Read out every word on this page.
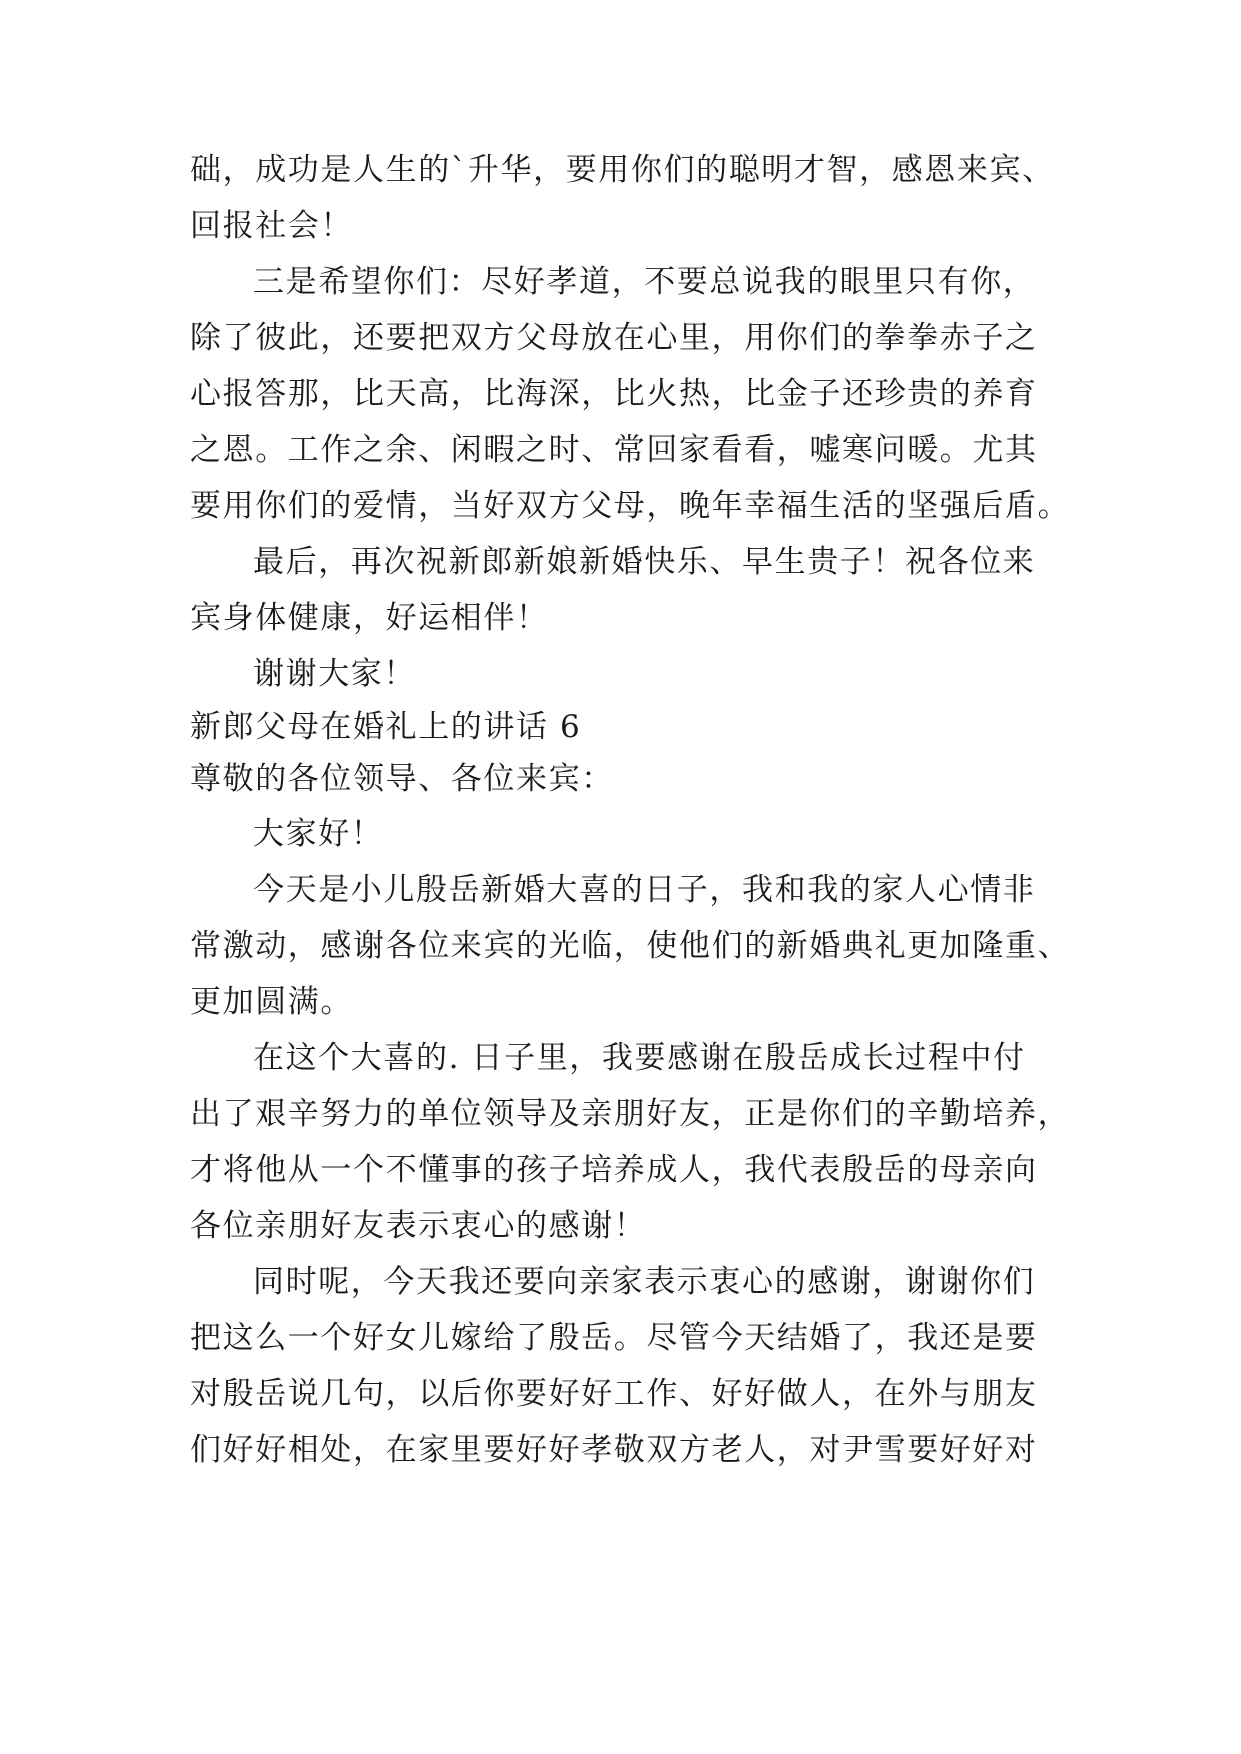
础，成功是人生的`升华，要用你们的聪明才智，感恩来宾、
回报社会！
三是希望你们：尽好孝道，不要总说我的眼里只有你，
除了彼此，还要把双方父母放在心里，用你们的拳拳赤子之
心报答那，比天高，比海深，比火热，比金子还珍贵的养育
之恩。工作之余、闲暇之时、常回家看看，嘘寒问暖。尤其
要用你们的爱情，当好双方父母，晚年幸福生活的坚强后盾。
最后，再次祝新郎新娘新婚快乐、早生贵子！祝各位来
宾身体健康，好运相伴！
谢谢大家！
新郎父母在婚礼上的讲话 6
尊敬的各位领导、各位来宾：
大家好！
今天是小儿殷岳新婚大喜的日子，我和我的家人心情非
常激动，感谢各位来宾的光临，使他们的新婚典礼更加隆重、
更加圆满。
在这个大喜的. 日子里，我要感谢在殷岳成长过程中付
出了艰辛努力的单位领导及亲朋好友，正是你们的辛勤培养，
才将他从一个不懂事的孩子培养成人，我代表殷岳的母亲向
各位亲朋好友表示衷心的感谢！
同时呢，今天我还要向亲家表示衷心的感谢，谢谢你们
把这么一个好女儿嫁给了殷岳。尽管今天结婚了，我还是要
对殷岳说几句，以后你要好好工作、好好做人，在外与朋友
们好好相处，在家里要好好孝敬双方老人，对尹雪要好好对
